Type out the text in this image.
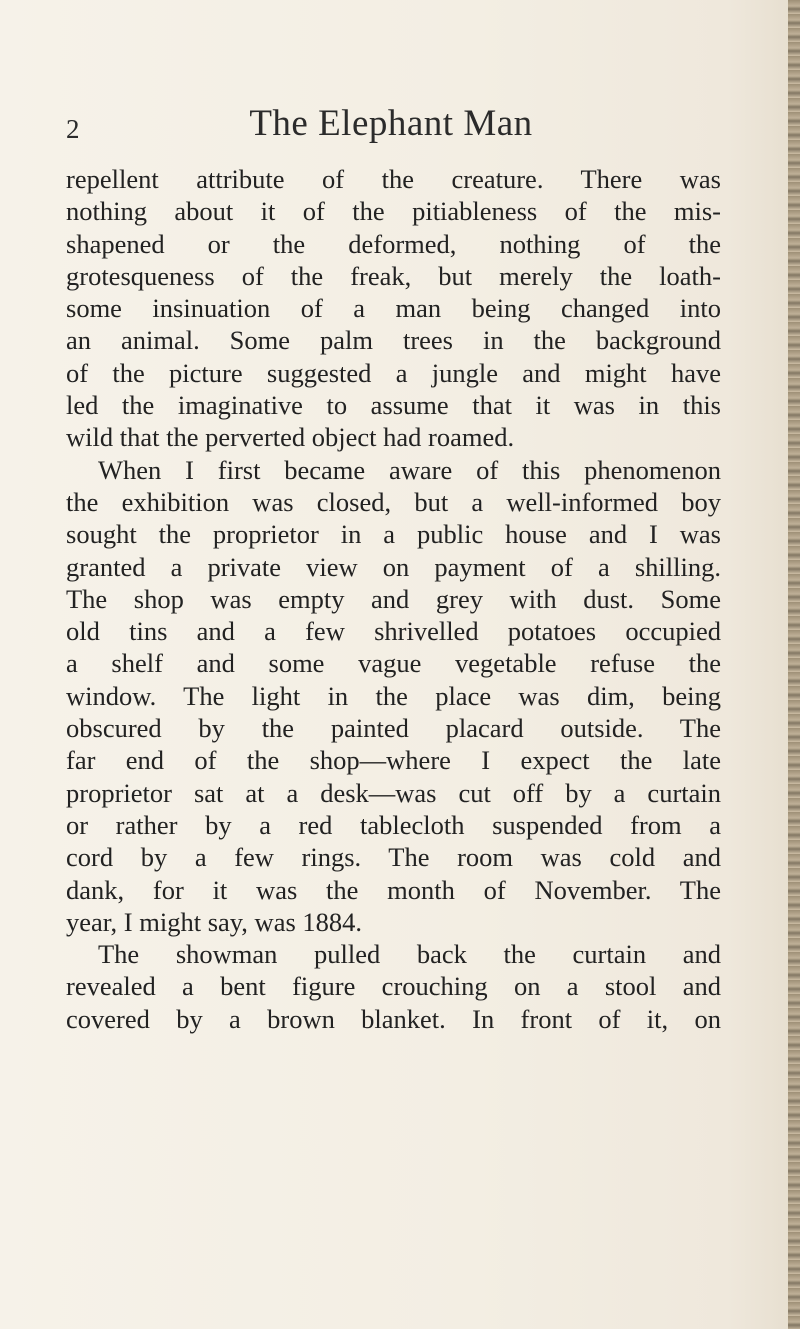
2	The Elephant Man
repellent attribute of the creature. There was
nothing about it of the pitiableness of the mis-
shapened or the deformed, nothing of the
grotesqueness of the freak, but merely the loath-
some insinuation of a man being changed into
an animal. Some palm trees in the background
of the picture suggested a jungle and might have
led the imaginative to assume that it was in this
wild that the perverted object had roamed.
When I first became aware of this phenomenon
the exhibition was closed, but a well-informed boy
sought the proprietor in a public house and I was
granted a private view on payment of a shilling.
The shop was empty and grey with dust. Some
old tins and a few shrivelled potatoes occupied
a shelf and some vague vegetable refuse the
window. The light in the place was dim, being
obscured by the painted placard outside. The
far end of the shop—where I expect the late
proprietor sat at a desk—was cut off by a curtain
or rather by a red tablecloth suspended from a
cord by a few rings. The room was cold and
dank, for it was the month of November. The
year, I might say, was 1884.
The showman pulled back the curtain and
revealed a bent figure crouching on a stool and
covered by a brown blanket. In front of it, on
